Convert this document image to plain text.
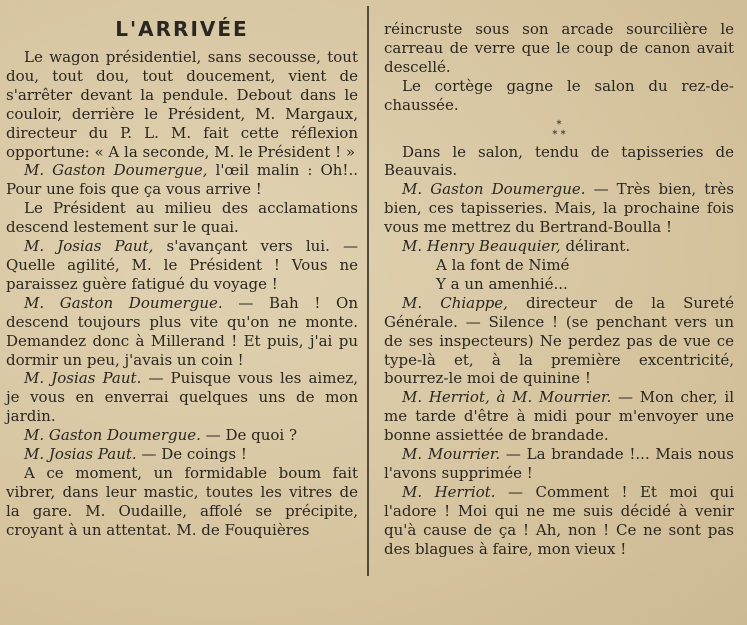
L'ARRIVÉE

Le wagon présidentiel, sans secousse, tout dou, tout dou, tout doucement, vient de s'arrêter devant la pendule. Debout dans le couloir, derrière le Président, M. Margaux, directeur du P. L. M. fait cette réflexion opportune: « A la seconde, M. le Président ! »

M. Gaston Doumergue, l'œil malin : Oh!.. Pour une fois que ça vous arrive !

Le Président au milieu des acclamations descend lestement sur le quai.

M. Josias Paut, s'avançant vers lui. — Quelle agilité, M. le Président ! Vous ne paraissez guère fatigué du voyage !

M. Gaston Doumergue. — Bah ! On descend toujours plus vite qu'on ne monte. Demandez donc à Millerand ! Et puis, j'ai pu dormir un peu, j'avais un coin !

M. Josias Paut. — Puisque vous les aimez, je vous en enverrai quelques uns de mon jardin.

M. Gaston Doumergue. — De quoi ?

M. Josias Paut. — De coings !

A ce moment, un formidable boum fait vibrer, dans leur mastic, toutes les vitres de la gare. M. Oudaille, affolé se précipite, croyant à un attentat. M. de Fouquières

réincruste sous son arcade sourcilière le carreau de verre que le coup de canon avait descellé.

Le cortège gagne le salon du rez-de-chaussée.

⁎
⁎ ⁎

Dans le salon, tendu de tapisseries de Beauvais.

M. Gaston Doumergue. — Très bien, très bien, ces tapisseries. Mais, la prochaine fois vous me mettrez du Bertrand-Boulla !

M. Henry Beauquier, délirant.

A la font de Nimé

Y a un amenhié...

M. Chiappe, directeur de la Sureté Générale. — Silence ! (se penchant vers un de ses inspecteurs) Ne perdez pas de vue ce type-là et, à la première excentricité, bourrez-le moi de quinine !

M. Herriot, à M. Mourrier. — Mon cher, il me tarde d'être à midi pour m'envoyer une bonne assiettée de brandade.

M. Mourrier. — La brandade !... Mais nous l'avons supprimée !

M. Herriot. — Comment ! Et moi qui l'adore ! Moi qui ne me suis décidé à venir qu'à cause de ça ! Ah, non ! Ce ne sont pas des blagues à faire, mon vieux !
